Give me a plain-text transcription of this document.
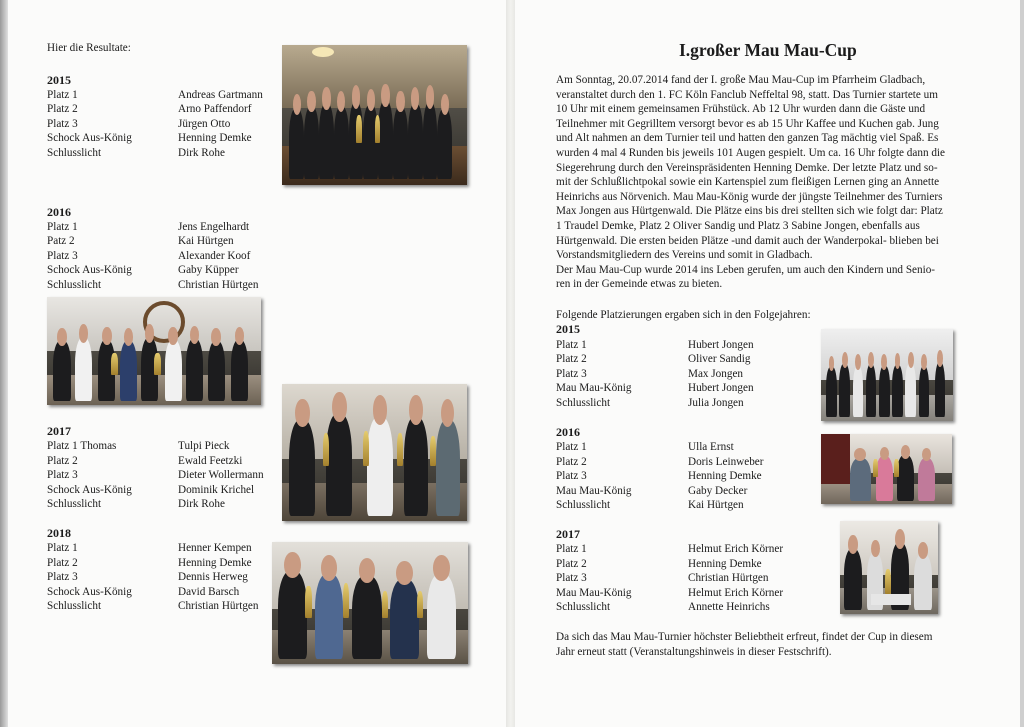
Hier die Resultate:
2015
Platz 1	Andreas Gartmann
Platz 2	Arno Paffendorf
Platz 3	Jürgen Otto
Schock Aus-König	Henning Demke
Schlusslicht	Dirk Rohe
2016
Platz 1	Jens Engelhardt
Patz 2	Kai Hürtgen
Platz 3	Alexander Koof
Schock Aus-König	Gaby Küpper
Schlusslicht	Christian Hürtgen
2017
Platz 1 Thomas	Tulpi Pieck
Platz 2	Ewald Feetzki
Platz 3	Dieter Wollermann
Schock Aus-König	Dominik Krichel
Schlusslicht	Dirk Rohe
2018
Platz 1	Henner Kempen
Platz 2	Henning Demke
Platz 3	Dennis Herweg
Schock Aus-König	David Barsch
Schlusslicht	Christian Hürtgen
I.großer Mau Mau-Cup
Am Sonntag, 20.07.2014 fand der I. große Mau Mau-Cup im Pfarrheim Gladbach,
veranstaltet durch den 1. FC Köln Fanclub Neffeltal 98, statt. Das Turnier startete um
10 Uhr mit einem gemeinsamen Frühstück. Ab 12 Uhr wurden dann die Gäste und
Teilnehmer mit Gegrilltem versorgt bevor es ab 15 Uhr Kaffee und Kuchen gab. Jung
und Alt nahmen an dem Turnier teil und hatten den ganzen Tag mächtig viel Spaß. Es
wurden 4 mal 4 Runden bis jeweils 101 Augen gespielt. Um ca. 16 Uhr folgte dann die
Siegerehrung durch den Vereinspräsidenten Henning Demke. Der letzte Platz und so-
mit der Schlußlichtpokal sowie ein Kartenspiel zum fleißigen Lernen ging an Annette
Heinrichs aus Nörvenich. Mau Mau-König wurde der jüngste Teilnehmer des Turniers
Max Jongen aus Hürtgenwald. Die Plätze eins bis drei stellten sich wie folgt dar: Platz
1 Traudel Demke, Platz 2 Oliver Sandig und Platz 3 Sabine Jongen, ebenfalls aus
Hürtgenwald. Die ersten beiden Plätze -und damit auch der Wanderpokal- blieben bei
Vorstandsmitgliedern des Vereins und somit in Gladbach.
Der Mau Mau-Cup wurde 2014 ins Leben gerufen, um auch den Kindern und Senio-
ren in der Gemeinde etwas zu bieten.
Folgende Platzierungen ergaben sich in den Folgejahren:
2015
Platz 1	Hubert Jongen
Platz 2	Oliver Sandig
Platz 3	Max Jongen
Mau Mau-König	Hubert Jongen
Schlusslicht	Julia Jongen
2016
Platz 1	Ulla Ernst
Platz 2	Doris Leinweber
Platz 3	Henning Demke
Mau Mau-König	Gaby Decker
Schlusslicht	Kai Hürtgen
2017
Platz 1	Helmut Erich Körner
Platz 2	Henning Demke
Platz 3	Christian Hürtgen
Mau Mau-König	Helmut Erich Körner
Schlusslicht	Annette Heinrichs
Da sich das Mau Mau-Turnier höchster Beliebtheit erfreut, findet der Cup in diesem
Jahr erneut statt (Veranstaltungshinweis in dieser Festschrift).
